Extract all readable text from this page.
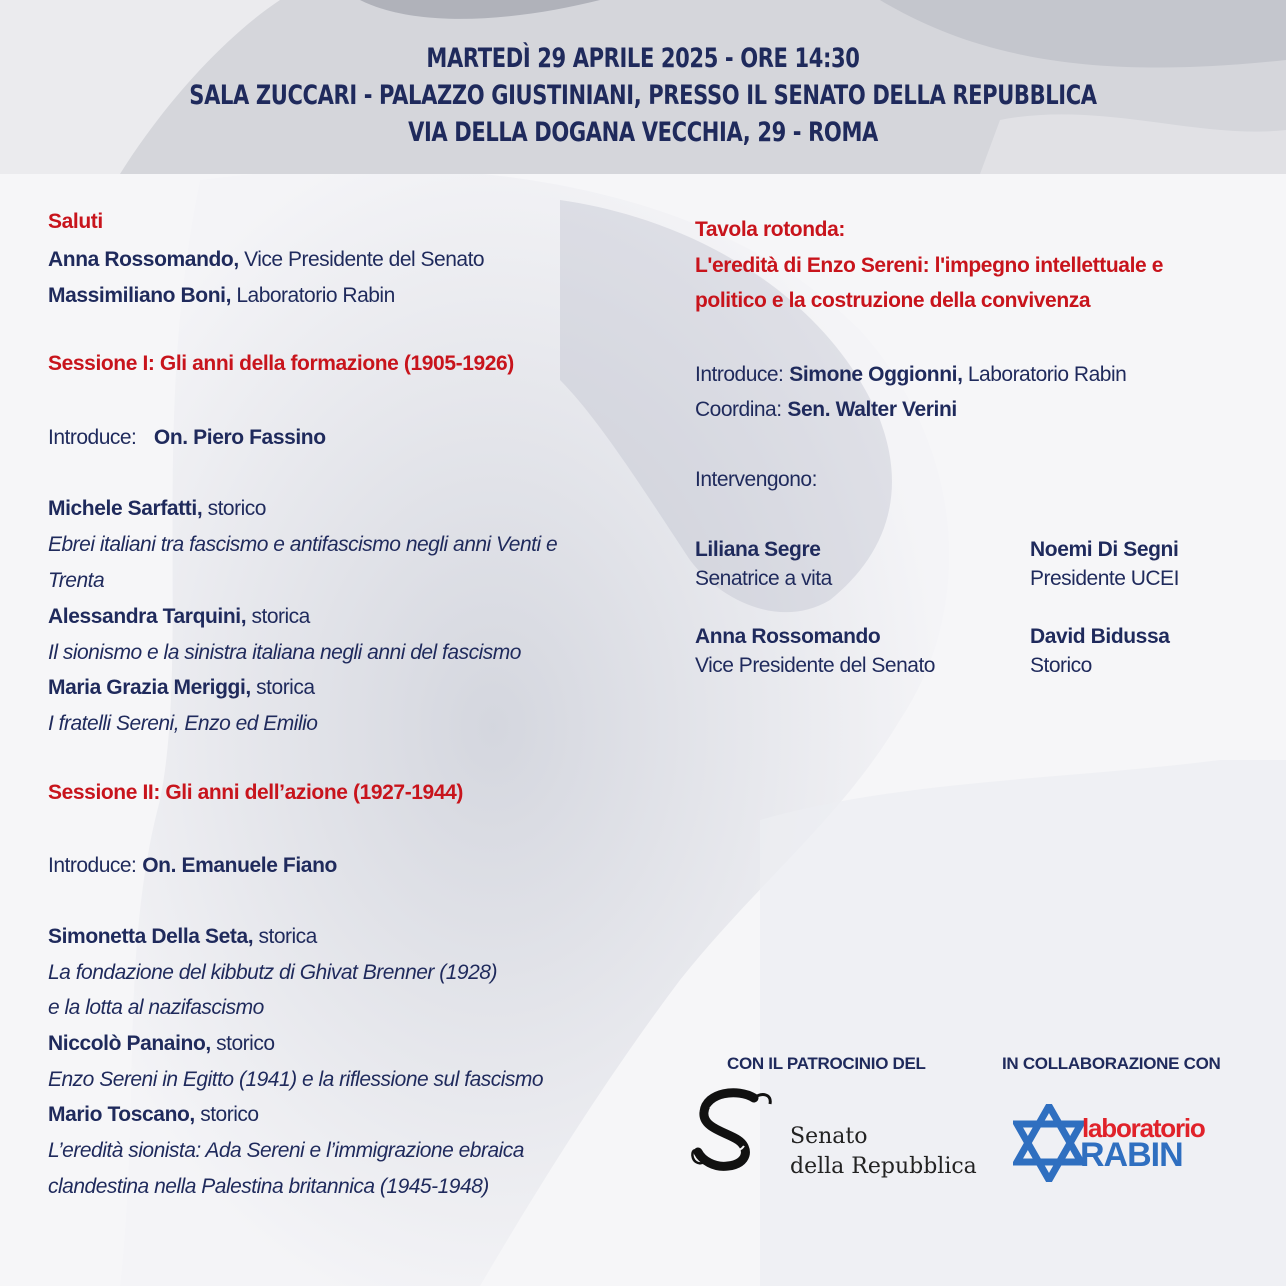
MARTEDÌ 29 APRILE 2025 - ORE 14:30
SALA ZUCCARI - PALAZZO GIUSTINIANI, PRESSO IL SENATO DELLA REPUBBLICA
VIA DELLA DOGANA VECCHIA, 29 - ROMA
Saluti
Anna Rossomando, Vice Presidente del Senato
Massimiliano Boni, Laboratorio Rabin
Sessione I: Gli anni della formazione (1905-1926)
Introduce: On. Piero Fassino
Michele Sarfatti, storico
Ebrei italiani tra fascismo e antifascismo negli anni Venti e
Trenta
Alessandra Tarquini, storica
Il sionismo e la sinistra italiana negli anni del fascismo
Maria Grazia Meriggi, storica
I fratelli Sereni, Enzo ed Emilio
Sessione II: Gli anni dell’azione (1927-1944)
Introduce: On. Emanuele Fiano
Simonetta Della Seta, storica
La fondazione del kibbutz di Ghivat Brenner (1928)
e la lotta al nazifascismo
Niccolò Panaino, storico
Enzo Sereni in Egitto (1941) e la riflessione sul fascismo
Mario Toscano, storico
L’eredità sionista: Ada Sereni e l’immigrazione ebraica
clandestina nella Palestina britannica (1945-1948)
Tavola rotonda:
L'eredità di Enzo Sereni: l'impegno intellettuale e
politico e la costruzione della convivenza
Introduce: Simone Oggionni, Laboratorio Rabin
Coordina: Sen. Walter Verini
Intervengono:
Liliana Segre
Senatrice a vita
Noemi Di Segni
Presidente UCEI
Anna Rossomando
Vice Presidente del Senato
David Bidussa
Storico
CON IL PATROCINIO DEL	IN COLLABORAZIONE CON
Senato
della Repubblica
laboratorio
RABIN
